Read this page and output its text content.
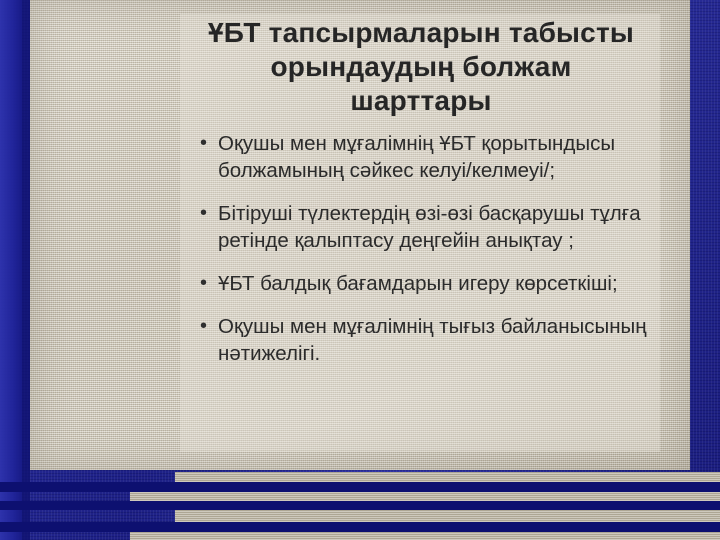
ҰБТ тапсырмаларын табысты орындаудың болжам шарттары
• Оқушы мен мұғалімнің ҰБТ қорытындысы болжамының сәйкес келуі/келмеуі/;
• Бітіруші түлектердің өзі-өзі басқарушы тұлға ретінде қалыптасу деңгейін анықтау ;
• ҰБТ балдық бағамдарын игеру көрсеткіші;
• Оқушы мен мұғалімнің тығыз байланысының нәтижелігі.
